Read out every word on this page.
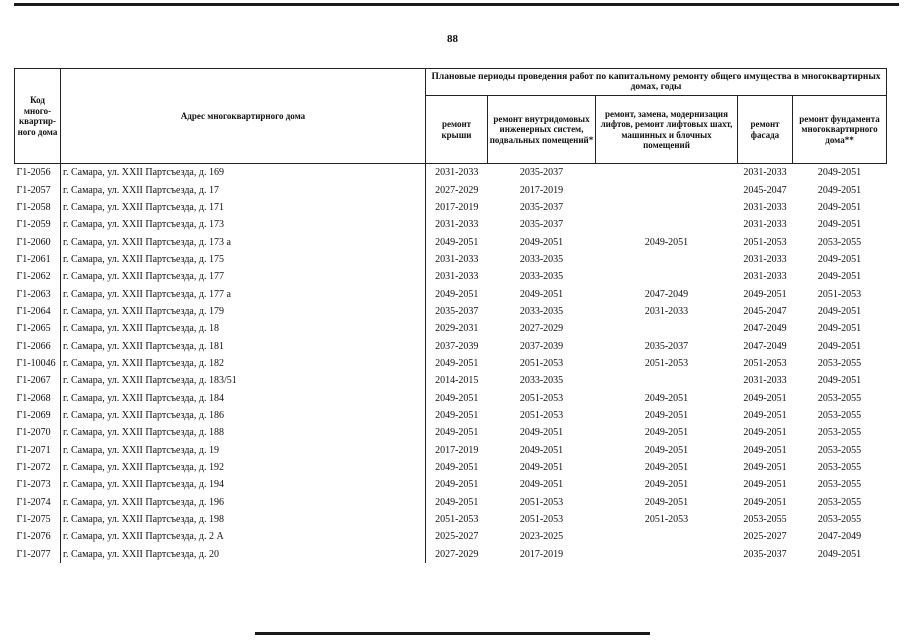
88
Код много-квартир-ного дома	Адрес многоквартирного дома	Плановые периоды проведения работ по капитальному ремонту общего имущества в многоквартирных домах, годы				
		ремонт крыши	ремонт внутридомовых инженерных систем, подвальных помещений*	ремонт, замена, модернизация лифтов, ремонт лифтовых шахт, машинных и блочных помещений	ремонт фасада	ремонт фундамента многоквартирного дома**
Г1-2056	г. Самара, ул. XXII Партсъезда, д. 169	2031-2033	2035-2037		2031-2033	2049-2051
Г1-2057	г. Самара, ул. XXII Партсъезда, д. 17	2027-2029	2017-2019		2045-2047	2049-2051
Г1-2058	г. Самара, ул. XXII Партсъезда, д. 171	2017-2019	2035-2037		2031-2033	2049-2051
Г1-2059	г. Самара, ул. XXII Партсъезда, д. 173	2031-2033	2035-2037		2031-2033	2049-2051
Г1-2060	г. Самара, ул. XXII Партсъезда, д. 173 а	2049-2051	2049-2051	2049-2051	2051-2053	2053-2055
Г1-2061	г. Самара, ул. XXII Партсъезда, д. 175	2031-2033	2033-2035		2031-2033	2049-2051
Г1-2062	г. Самара, ул. XXII Партсъезда, д. 177	2031-2033	2033-2035		2031-2033	2049-2051
Г1-2063	г. Самара, ул. XXII Партсъезда, д. 177 а	2049-2051	2049-2051	2047-2049	2049-2051	2051-2053
Г1-2064	г. Самара, ул. XXII Партсъезда, д. 179	2035-2037	2033-2035	2031-2033	2045-2047	2049-2051
Г1-2065	г. Самара, ул. XXII Партсъезда, д. 18	2029-2031	2027-2029		2047-2049	2049-2051
Г1-2066	г. Самара, ул. XXII Партсъезда, д. 181	2037-2039	2037-2039	2035-2037	2047-2049	2049-2051
Г1-10046	г. Самара, ул. XXII Партсъезда, д. 182	2049-2051	2051-2053	2051-2053	2051-2053	2053-2055
Г1-2067	г. Самара, ул. XXII Партсъезда, д. 183/51	2014-2015	2033-2035		2031-2033	2049-2051
Г1-2068	г. Самара, ул. XXII Партсъезда, д. 184	2049-2051	2051-2053	2049-2051	2049-2051	2053-2055
Г1-2069	г. Самара, ул. XXII Партсъезда, д. 186	2049-2051	2051-2053	2049-2051	2049-2051	2053-2055
Г1-2070	г. Самара, ул. XXII Партсъезда, д. 188	2049-2051	2049-2051	2049-2051	2049-2051	2053-2055
Г1-2071	г. Самара, ул. XXII Партсъезда, д. 19	2017-2019	2049-2051	2049-2051	2049-2051	2053-2055
Г1-2072	г. Самара, ул. XXII Партсъезда, д. 192	2049-2051	2049-2051	2049-2051	2049-2051	2053-2055
Г1-2073	г. Самара, ул. XXII Партсъезда, д. 194	2049-2051	2049-2051	2049-2051	2049-2051	2053-2055
Г1-2074	г. Самара, ул. XXII Партсъезда, д. 196	2049-2051	2051-2053	2049-2051	2049-2051	2053-2055
Г1-2075	г. Самара, ул. XXII Партсъезда, д. 198	2051-2053	2051-2053	2051-2053	2053-2055	2053-2055
Г1-2076	г. Самара, ул. XXII Партсъезда, д. 2 А	2025-2027	2023-2025		2025-2027	2047-2049
Г1-2077	г. Самара, ул. XXII Партсъезда, д. 20	2027-2029	2017-2019		2035-2037	2049-2051
